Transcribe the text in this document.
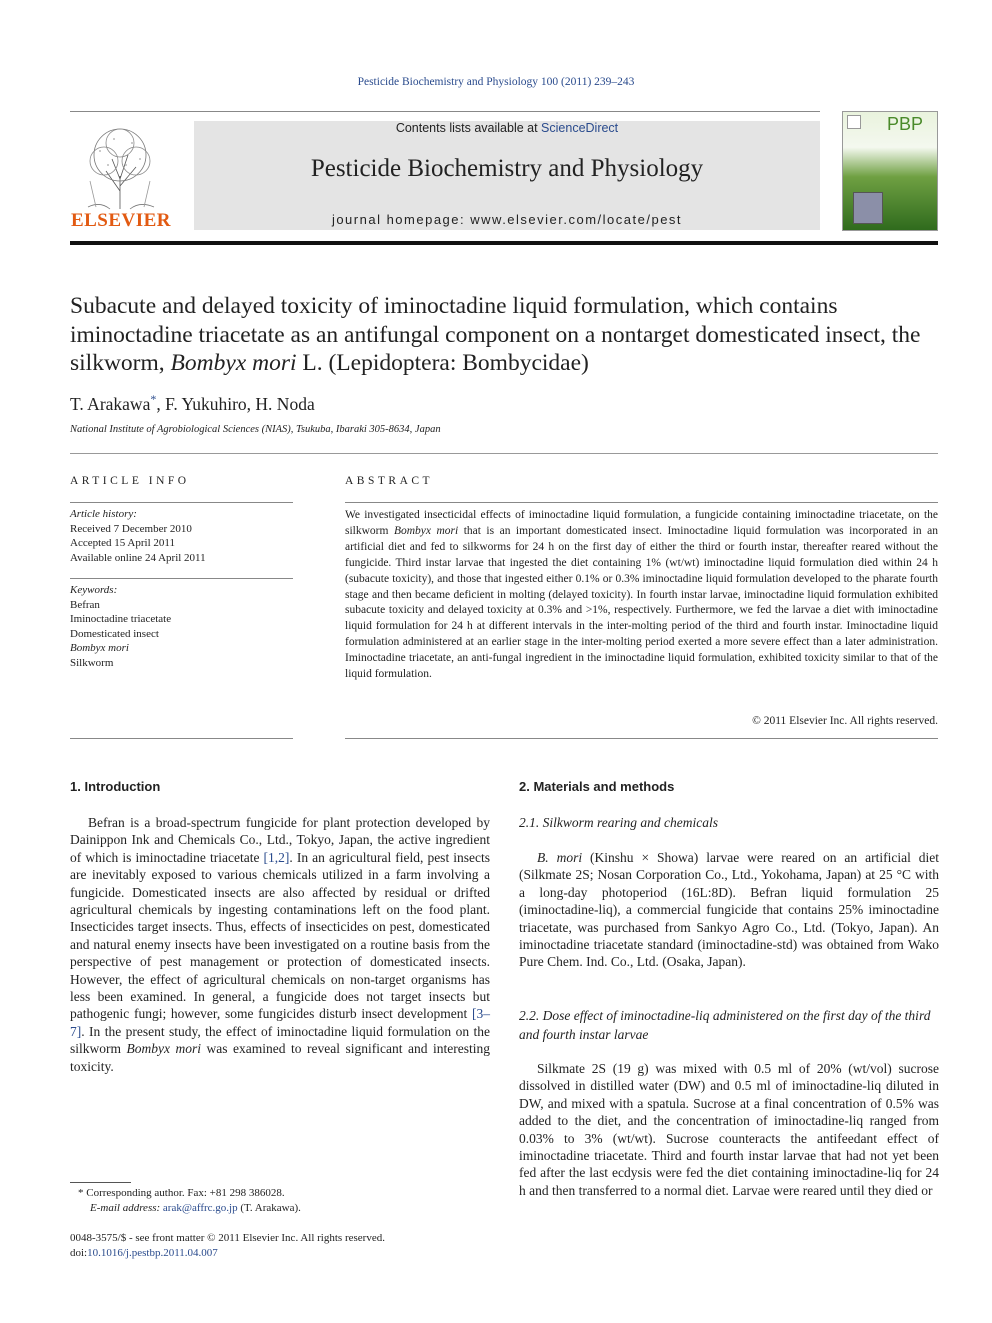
Pesticide Biochemistry and Physiology 100 (2011) 239–243
ELSEVIER
Contents lists available at ScienceDirect
Pesticide Biochemistry and Physiology
journal homepage: www.elsevier.com/locate/pest
PBP
Subacute and delayed toxicity of iminoctadine liquid formulation, which contains iminoctadine triacetate as an antifungal component on a nontarget domesticated insect, the silkworm, Bombyx mori L. (Lepidoptera: Bombycidae)
T. Arakawa*, F. Yukuhiro, H. Noda
National Institute of Agrobiological Sciences (NIAS), Tsukuba, Ibaraki 305-8634, Japan
ARTICLE INFO
Article history:
Received 7 December 2010
Accepted 15 April 2011
Available online 24 April 2011
Keywords:
Befran
Iminoctadine triacetate
Domesticated insect
Bombyx mori
Silkworm
ABSTRACT
We investigated insecticidal effects of iminoctadine liquid formulation, a fungicide containing iminoctadine triacetate, on the silkworm Bombyx mori that is an important domesticated insect. Iminoctadine liquid formulation was incorporated in an artificial diet and fed to silkworms for 24 h on the first day of either the third or fourth instar, thereafter reared without the fungicide. Third instar larvae that ingested the diet containing 1% (wt/wt) iminoctadine liquid formulation died within 24 h (subacute toxicity), and those that ingested either 0.1% or 0.3% iminoctadine liquid formulation developed to the pharate fourth stage and then became deficient in molting (delayed toxicity). In fourth instar larvae, iminoctadine liquid formulation exhibited subacute toxicity and delayed toxicity at 0.3% and >1%, respectively. Furthermore, we fed the larvae a diet with iminoctadine liquid formulation for 24 h at different intervals in the inter-molting period of the third and fourth instar. Iminoctadine liquid formulation administered at an earlier stage in the inter-molting period exerted a more severe effect than a later administration. Iminoctadine triacetate, an anti-fungal ingredient in the iminoctadine liquid formulation, exhibited toxicity similar to that of the liquid formulation.
© 2011 Elsevier Inc. All rights reserved.
1. Introduction
Befran is a broad-spectrum fungicide for plant protection developed by Dainippon Ink and Chemicals Co., Ltd., Tokyo, Japan, the active ingredient of which is iminoctadine triacetate [1,2]. In an agricultural field, pest insects are inevitably exposed to various chemicals utilized in a farm involving a fungicide. Domesticated insects are also affected by residual or drifted agricultural chemicals by ingesting contaminations left on the food plant. Insecticides target insects. Thus, effects of insecticides on pest, domesticated and natural enemy insects have been investigated on a routine basis from the perspective of pest management or protection of domesticated insects. However, the effect of agricultural chemicals on non-target organisms has less been examined. In general, a fungicide does not target insects but pathogenic fungi; however, some fungicides disturb insect development [3–7]. In the present study, the effect of iminoctadine liquid formulation on the silkworm Bombyx mori was examined to reveal significant and interesting toxicity.
2. Materials and methods
2.1. Silkworm rearing and chemicals
B. mori (Kinshu × Showa) larvae were reared on an artificial diet (Silkmate 2S; Nosan Corporation Co., Ltd., Yokohama, Japan) at 25 °C with a long-day photoperiod (16L:8D). Befran liquid formulation 25 (iminoctadine-liq), a commercial fungicide that contains 25% iminoctadine triacetate, was purchased from Sankyo Agro Co., Ltd. (Tokyo, Japan). An iminoctadine triacetate standard (iminoctadine-std) was obtained from Wako Pure Chem. Ind. Co., Ltd. (Osaka, Japan).
2.2. Dose effect of iminoctadine-liq administered on the first day of the third and fourth instar larvae
Silkmate 2S (19 g) was mixed with 0.5 ml of 20% (wt/vol) sucrose dissolved in distilled water (DW) and 0.5 ml of iminoctadine-liq diluted in DW, and mixed with a spatula. Sucrose at a final concentration of 0.5% was added to the diet, and the concentration of iminoctadine-liq ranged from 0.03% to 3% (wt/wt). Sucrose counteracts the antifeedant effect of iminoctadine triacetate. Third and fourth instar larvae that had not yet been fed after the last ecdysis were fed the diet containing iminoctadine-liq for 24 h and then transferred to a normal diet. Larvae were reared until they died or
* Corresponding author. Fax: +81 298 386028.
E-mail address: arak@affrc.go.jp (T. Arakawa).
0048-3575/$ - see front matter © 2011 Elsevier Inc. All rights reserved.
doi:10.1016/j.pestbp.2011.04.007
